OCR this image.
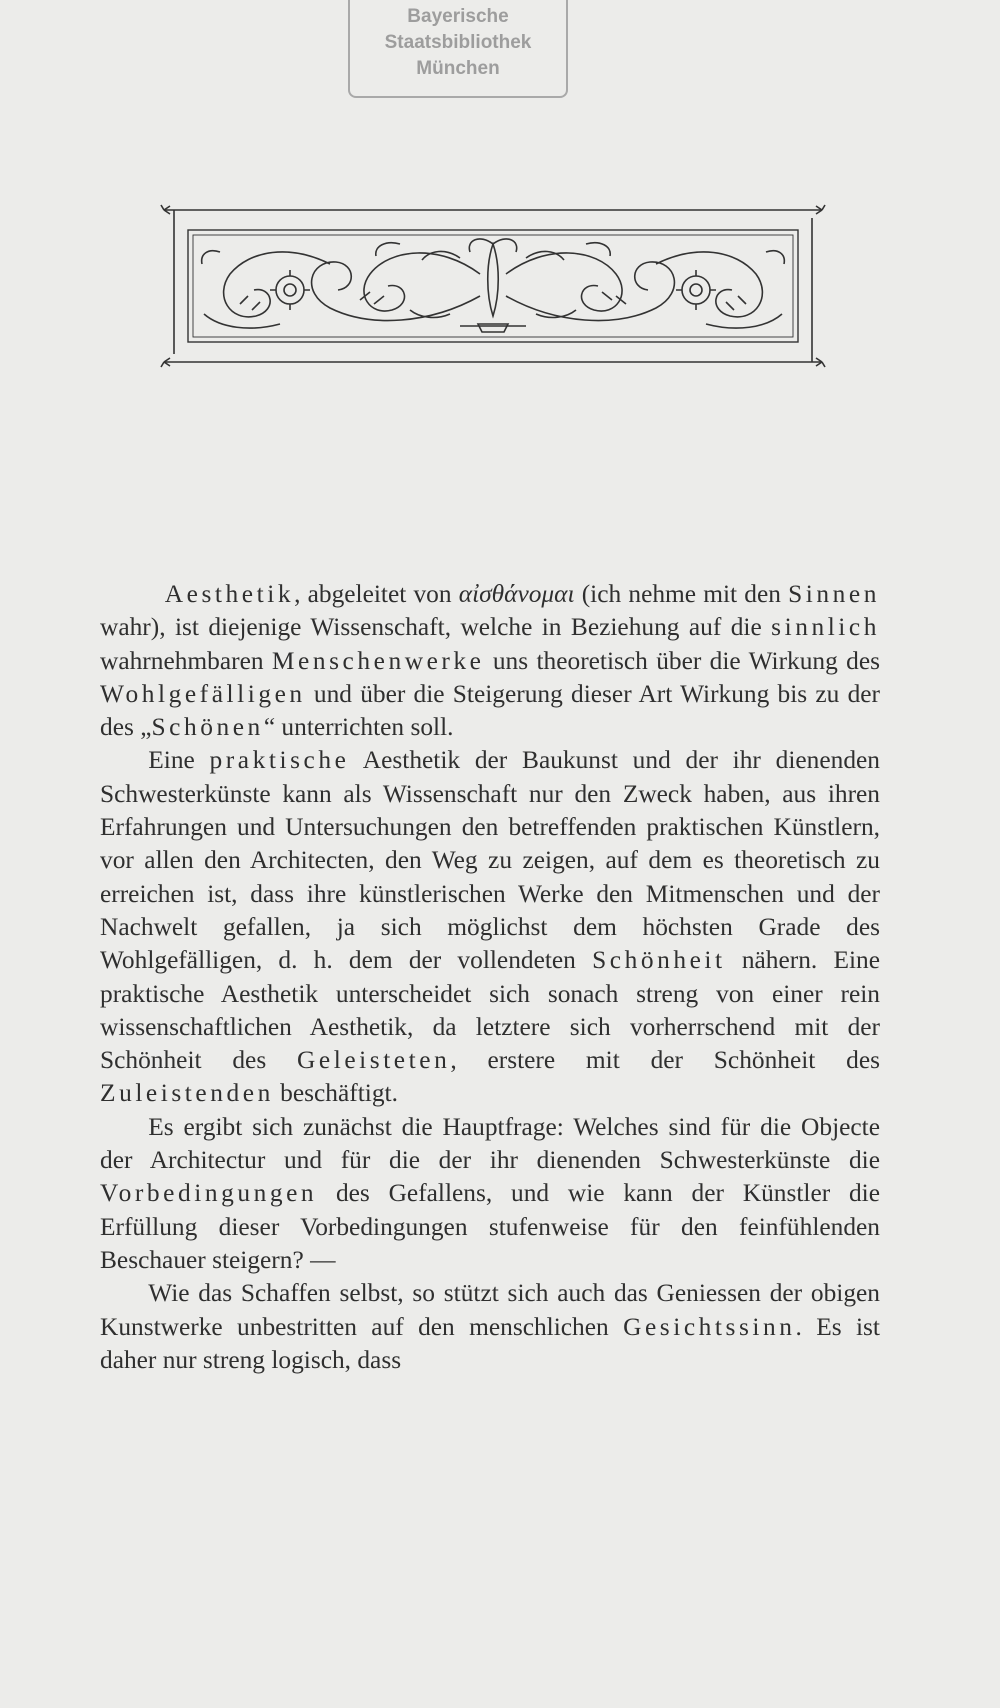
Bayerische
Staatsbibliothek
München

Aesthetik, abgeleitet von αἰσθάνομαι (ich nehme mit den Sinnen wahr), ist diejenige Wissenschaft, welche in Beziehung auf die sinnlich wahrnehmbaren Menschenwerke uns theoretisch über die Wirkung des Wohlgefälligen und über die Steigerung dieser Art Wirkung bis zu der des „Schönen“ unterrichten soll.

Eine praktische Aesthetik der Baukunst und der ihr dienenden Schwesterkünste kann als Wissenschaft nur den Zweck haben, aus ihren Erfahrungen und Untersuchungen den betreffenden praktischen Künstlern, vor allen den Architecten, den Weg zu zeigen, auf dem es theoretisch zu erreichen ist, dass ihre künstlerischen Werke den Mitmenschen und der Nachwelt gefallen, ja sich möglichst dem höchsten Grade des Wohlgefälligen, d. h. dem der vollendeten Schönheit nähern. Eine praktische Aesthetik unterscheidet sich sonach streng von einer rein wissenschaftlichen Aesthetik, da letztere sich vorherrschend mit der Schönheit des Geleisteten, erstere mit der Schönheit des Zuleistenden beschäftigt.

Es ergibt sich zunächst die Hauptfrage: Welches sind für die Objecte der Architectur und für die der ihr dienenden Schwesterkünste die Vorbedingungen des Gefallens, und wie kann der Künstler die Erfüllung dieser Vorbedingungen stufenweise für den feinfühlenden Beschauer steigern? —

Wie das Schaffen selbst, so stützt sich auch das Geniessen der obigen Kunstwerke unbestritten auf den menschlichen Gesichtssinn. Es ist daher nur streng logisch, dass
